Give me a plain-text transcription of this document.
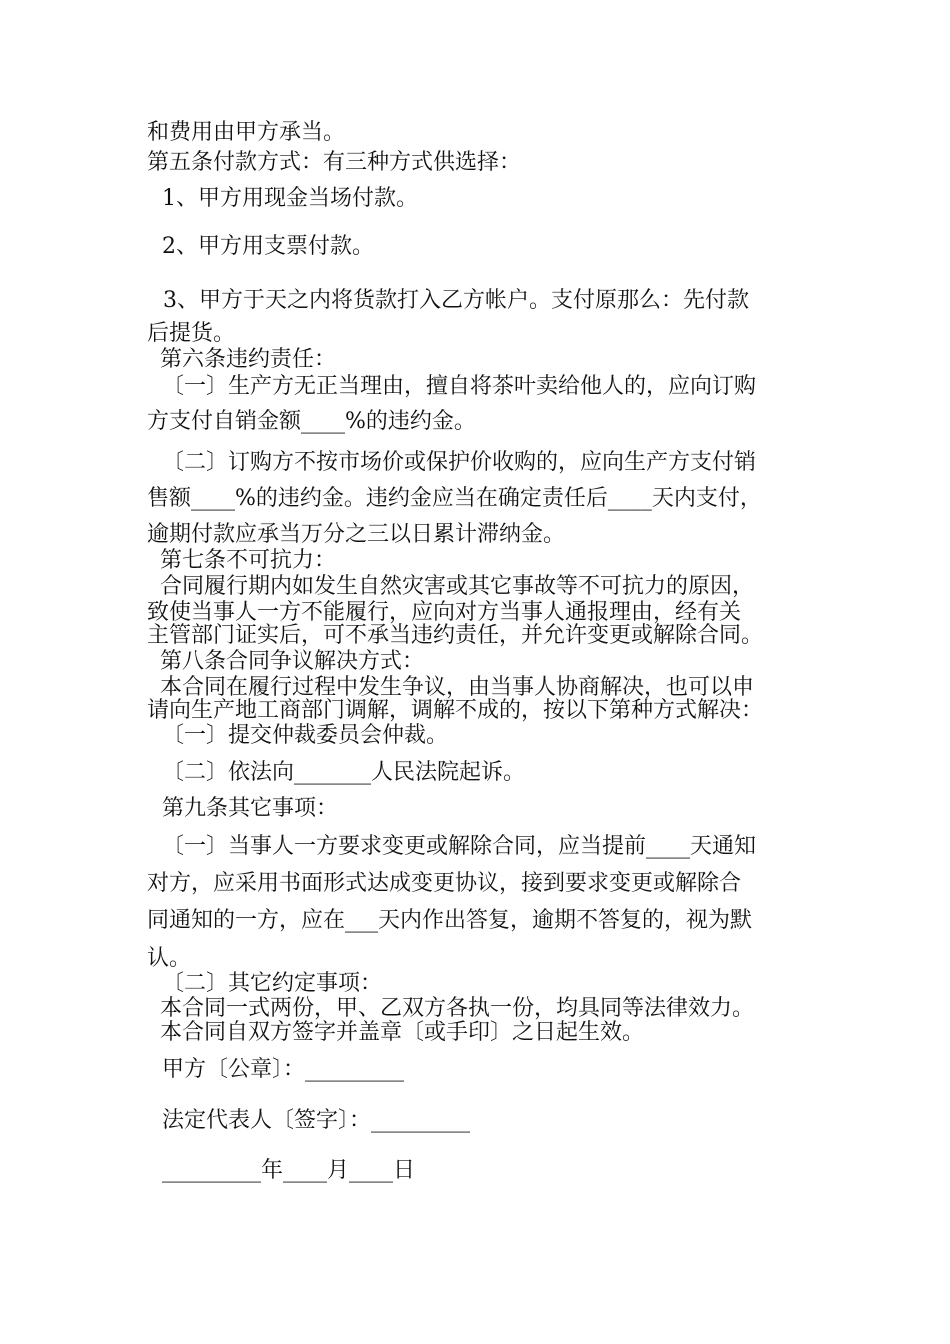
和费用由甲方承当。
第五条付款方式：有三种方式供选择：
1、甲方用现金当场付款。
2、甲方用支票付款。
3、甲方于天之内将货款打入乙方帐户。支付原那么：先付款
后提货。
第六条违约责任：
〔一〕生产方无正当理由，擅自将茶叶卖给他人的，应向订购
方支付自销金额____%的违约金。
〔二〕订购方不按市场价或保护价收购的，应向生产方支付销
售额____%的违约金。违约金应当在确定责任后____天内支付，
逾期付款应承当万分之三以日累计滞纳金。
第七条不可抗力：
合同履行期内如发生自然灾害或其它事故等不可抗力的原因，
致使当事人一方不能履行，应向对方当事人通报理由，经有关
主管部门证实后，可不承当违约责任，并允许变更或解除合同。
第八条合同争议解决方式：
本合同在履行过程中发生争议，由当事人协商解决，也可以申
请向生产地工商部门调解，调解不成的，按以下第种方式解决：
〔一〕提交仲裁委员会仲裁。
〔二〕依法向_______人民法院起诉。
第九条其它事项：
〔一〕当事人一方要求变更或解除合同，应当提前____天通知
对方，应采用书面形式达成变更协议，接到要求变更或解除合
同通知的一方，应在___天内作出答复，逾期不答复的，视为默
认。
〔二〕其它约定事项：
本合同一式两份，甲、乙双方各执一份，均具同等法律效力。
本合同自双方签字并盖章〔或手印〕之日起生效。
甲方〔公章〕：_________
法定代表人〔签字〕：_________
_________年____月____日
